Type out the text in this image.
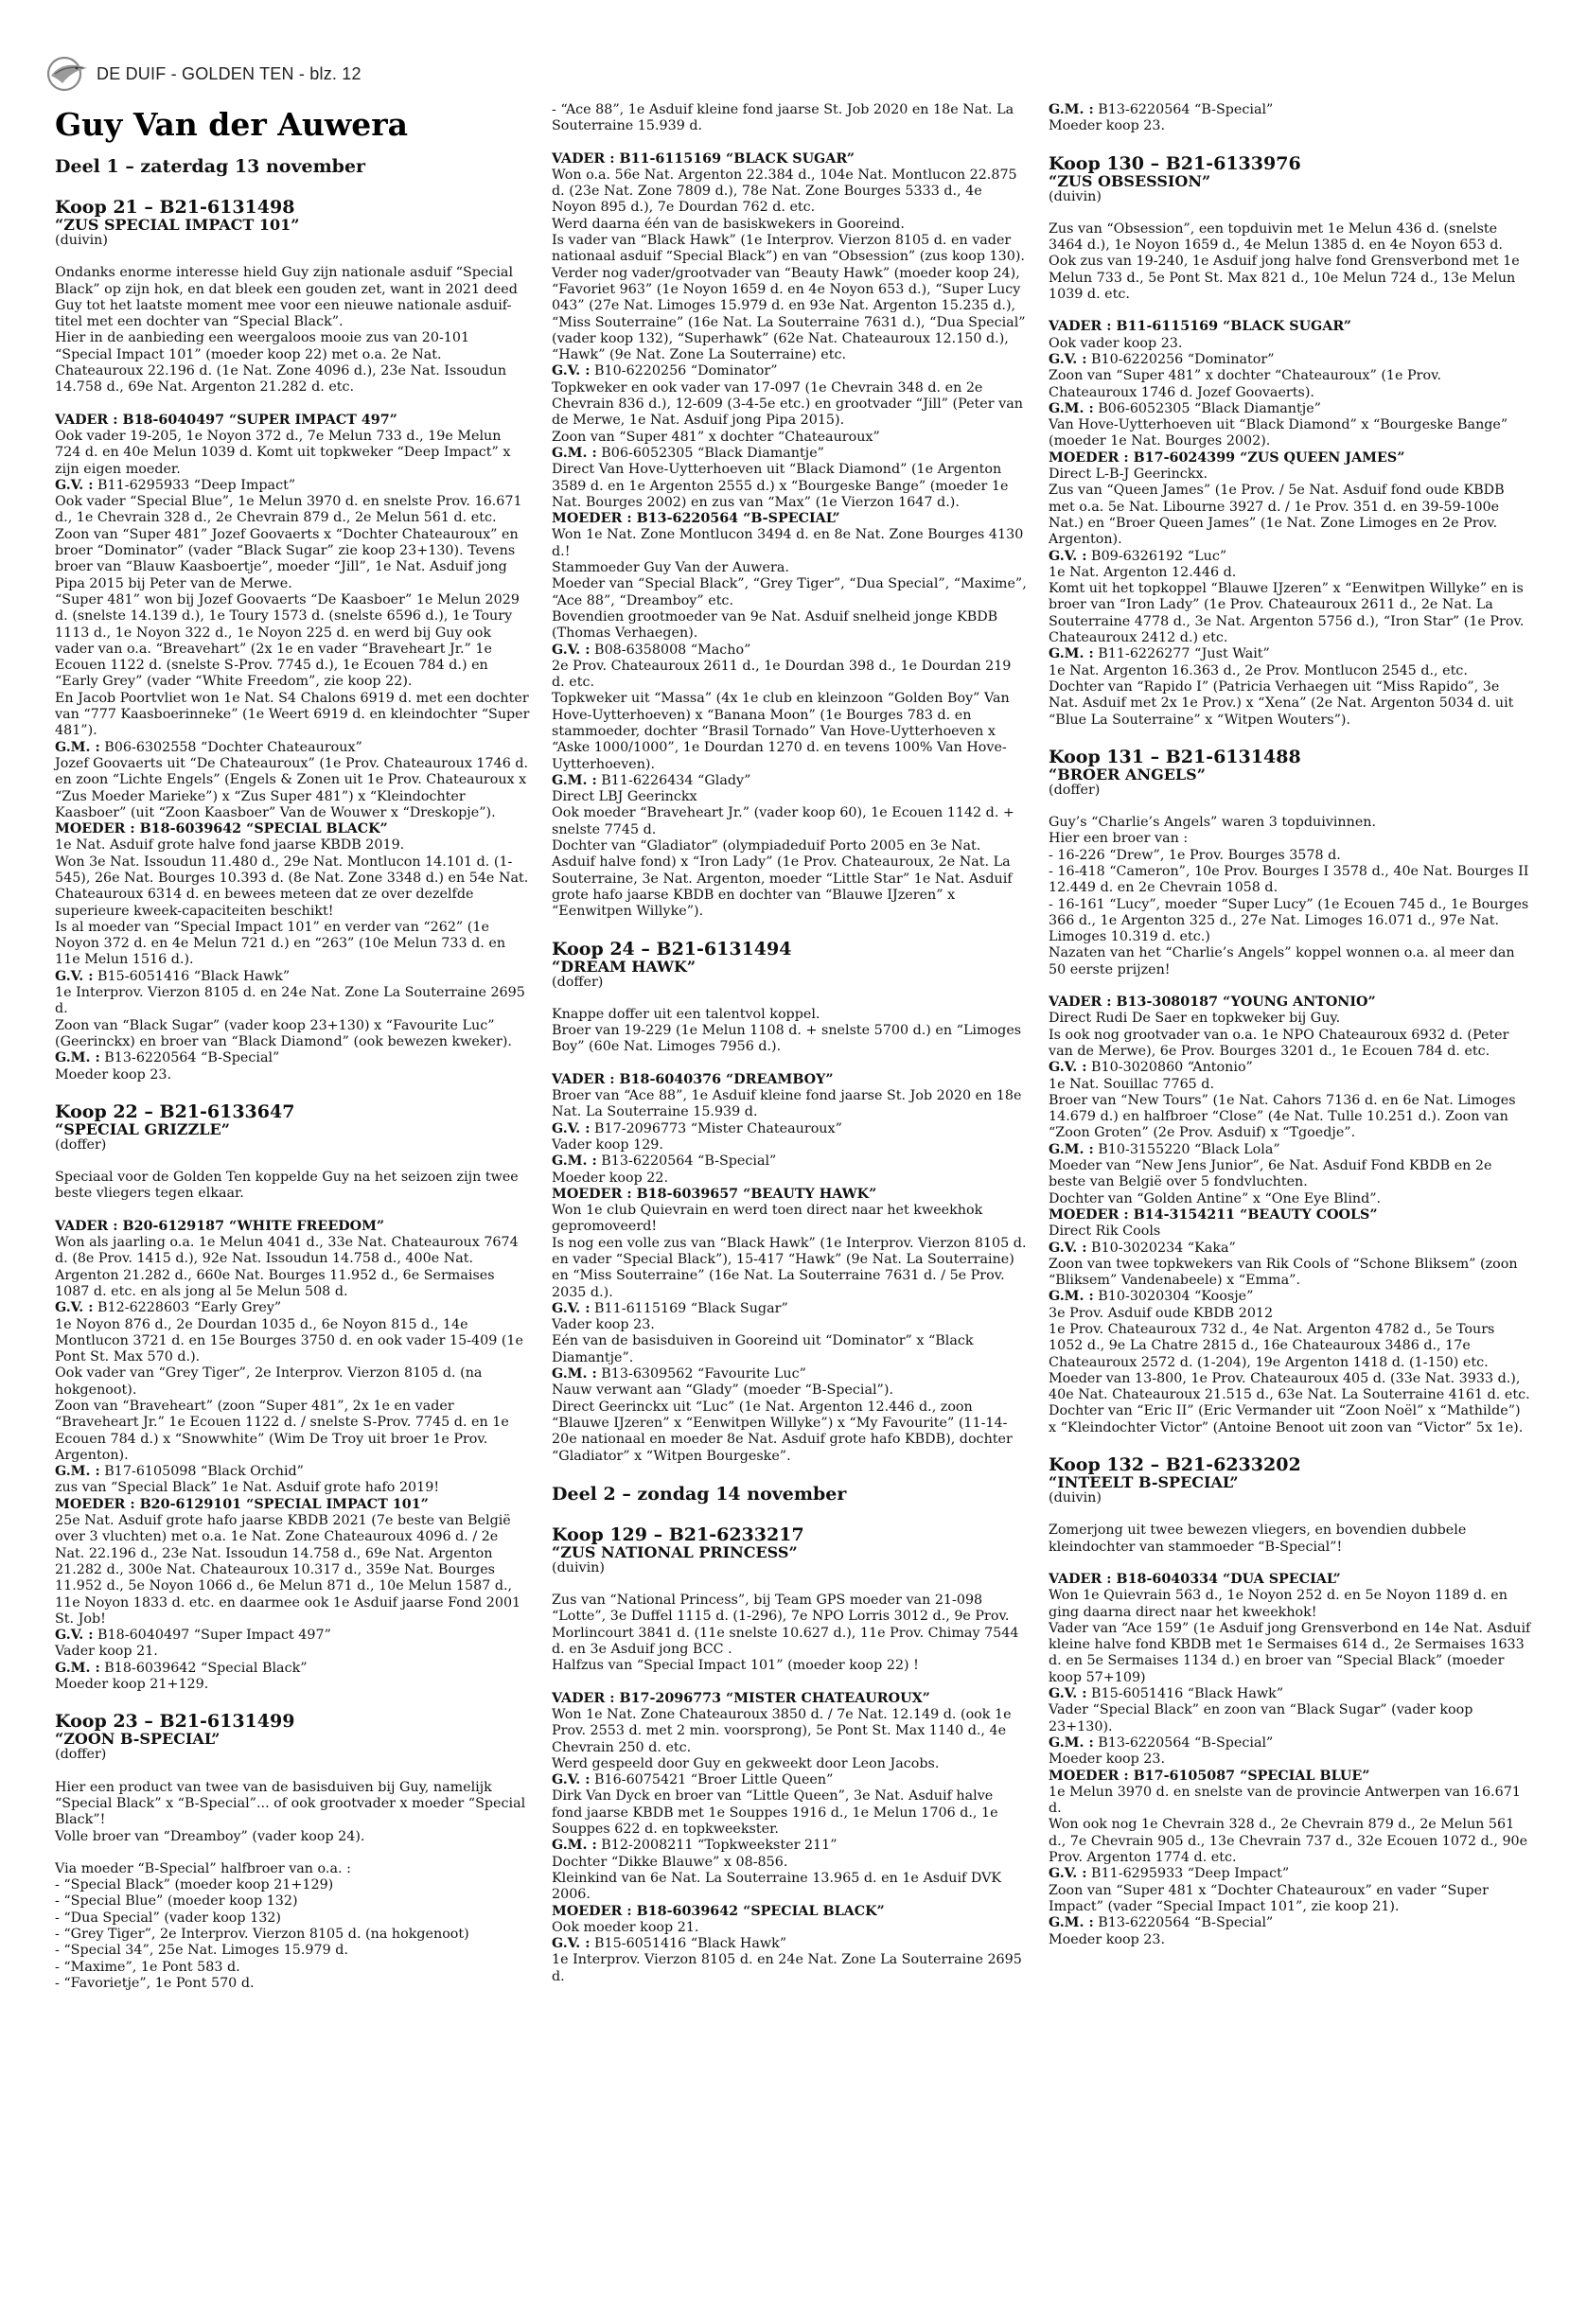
DE DUIF - GOLDEN TEN - blz. 12
Guy Van der Auwera
Deel 1 – zaterdag 13 november
Koop 21 – B21-6131498
“ZUS SPECIAL IMPACT 101”
(duivin)

Ondanks enorme interesse hield Guy zijn nationale asduif “Special Black” op zijn hok, en dat bleek een gouden zet, want in 2021 deed Guy tot het laatste moment mee voor een nieuwe nationale asduif-titel met een dochter van “Special Black”.

Hier in de aanbieding een weergaloos mooie zus van 20-101 “Special Impact 101” (moeder koop 22) met o.a. 2e Nat. Chateauroux 22.196 d. (1e Nat. Zone 4096 d.), 23e Nat. Issoudun 14.758 d., 69e Nat. Argenton 21.282 d. etc.

VADER : B18-6040497 “SUPER IMPACT 497”

Ook vader 19-205, 1e Noyon 372 d., 7e Melun 733 d., 19e Melun 724 d. en 40e Melun 1039 d. Komt uit topkweker “Deep Impact” x zijn eigen moeder.

G.V. : B11-6295933 “Deep Impact”

Ook vader “Special Blue”, 1e Melun 3970 d. en snelste Prov. 16.671 d., 1e Chevrain 328 d., 2e Chevrain 879 d., 2e Melun 561 d. etc.

Zoon van “Super 481” Jozef Goovaerts x “Dochter Chateauroux” en broer “Dominator” (vader “Black Sugar” zie koop 23+130). Tevens broer van “Blauw Kaasboertje”, moeder “Jill”, 1e Nat. Asduif jong Pipa 2015 bij Peter van de Merwe.

“Super 481” won bij Jozef Goovaerts “De Kaasboer” 1e Melun 2029 d. (snelste 14.139 d.), 1e Toury 1573 d. (snelste 6596 d.), 1e Toury 1113 d., 1e Noyon 322 d., 1e Noyon 225 d. en werd bij Guy ook vader van o.a. “Breavehart” (2x 1e en vader “Braveheart Jr.” 1e Ecouen 1122 d. (snelste S-Prov. 7745 d.), 1e Ecouen 784 d.) en “Early Grey” (vader “White Freedom”, zie koop 22).

En Jacob Poortvliet won 1e Nat. S4 Chalons 6919 d. met een dochter van “777 Kaasboerinneke” (1e Weert 6919 d. en kleindochter “Super 481”).

G.M. : B06-6302558 “Dochter Chateauroux”

Jozef Goovaerts uit “De Chateauroux” (1e Prov. Chateauroux 1746 d. en zoon “Lichte Engels” (Engels & Zonen uit 1e Prov. Chateauroux x “Zus Moeder Marieke”) x “Zus Super 481”) x “Kleindochter Kaasboer” (uit “Zoon Kaasboer” Van de Wouwer x “Dreskopje”).

MOEDER : B18-6039642 “SPECIAL BLACK”

1e Nat. Asduif grote halve fond jaarse KBDB 2019.

Won 3e Nat. Issoudun 11.480 d., 29e Nat. Montlucon 14.101 d. (1-545), 26e Nat. Bourges 10.393 d. (8e Nat. Zone 3348 d.) en 54e Nat. Chateauroux 6314 d. en bewees meteen dat ze over dezelfde superieure kweek-capaciteiten beschikt!

Is al moeder van “Special Impact 101” en verder van “262” (1e Noyon 372 d. en 4e Melun 721 d.) en “263” (10e Melun 733 d. en 11e Melun 1516 d.).

G.V. : B15-6051416 “Black Hawk”

1e Interprov. Vierzon 8105 d. en 24e Nat. Zone La Souterraine 2695 d.

Zoon van “Black Sugar” (vader koop 23+130) x “Favourite Luc” (Geerinckx) en broer van “Black Diamond” (ook bewezen kweker).

G.M. : B13-6220564 “B-Special”

Moeder koop 23.

Koop 22 – B21-6133647
“SPECIAL GRIZZLE”
(doffer)

Speciaal voor de Golden Ten koppelde Guy na het seizoen zijn twee beste vliegers tegen elkaar.

VADER : B20-6129187 “WHITE FREEDOM”

Won als jaarling o.a. 1e Melun 4041 d., 33e Nat. Chateauroux 7674 d. (8e Prov. 1415 d.), 92e Nat. Issoudun 14.758 d., 400e Nat. Argenton 21.282 d., 660e Nat. Bourges 11.952 d., 6e Sermaises 1087 d. etc. en als jong al 5e Melun 508 d.

G.V. : B12-6228603 “Early Grey”

1e Noyon 876 d., 2e Dourdan 1035 d., 6e Noyon 815 d., 14e Montlucon 3721 d. en 15e Bourges 3750 d. en ook vader 15-409 (1e Pont St. Max 570 d.).

Ook vader van “Grey Tiger”, 2e Interprov. Vierzon 8105 d. (na hokgenoot).

Zoon van “Braveheart” (zoon “Super 481”, 2x 1e en vader “Braveheart Jr.” 1e Ecouen 1122 d. / snelste S-Prov. 7745 d. en 1e Ecouen 784 d.) x “Snowwhite” (Wim De Troy uit broer 1e Prov. Argenton).

G.M. : B17-6105098 “Black Orchid”

zus van “Special Black” 1e Nat. Asduif grote hafo 2019!

MOEDER : B20-6129101 “SPECIAL IMPACT 101”

25e Nat. Asduif grote hafo jaarse KBDB 2021 (7e beste van België over 3 vluchten) met o.a. 1e Nat. Zone Chateauroux 4096 d. / 2e Nat. 22.196 d., 23e Nat. Issoudun 14.758 d., 69e Nat. Argenton 21.282 d., 300e Nat. Chateauroux 10.317 d., 359e Nat. Bourges 11.952 d., 5e Noyon 1066 d., 6e Melun 871 d., 10e Melun 1587 d., 11e Noyon 1833 d. etc. en daarmee ook 1e Asduif jaarse Fond 2001 St. Job!

G.V. : B18-6040497 “Super Impact 497”

Vader koop 21.

G.M. : B18-6039642 “Special Black”

Moeder koop 21+129.

Koop 23 – B21-6131499
“ZOON B-SPECIAL”
(doffer)

Hier een product van twee van de basisduiven bij Guy, namelijk “Special Black” x “B-Special”... of ook grootvader x moeder “Special Black”!

Volle broer van “Dreamboy” (vader koop 24).

Via moeder “B-Special” halfbroer van o.a. :

- “Special Black” (moeder koop 21+129)

- “Special Blue” (moeder koop 132)

- “Dua Special” (vader koop 132)

- “Grey Tiger”, 2e Interprov. Vierzon 8105 d. (na hokgenoot)

- “Special 34”, 25e Nat. Limoges 15.979 d.

- “Maxime”, 1e Pont 583 d.

- “Favorietje”, 1e Pont 570 d.

- “Ace 88”, 1e Asduif kleine fond jaarse St. Job 2020 en 18e Nat. La Souterraine 15.939 d.

VADER : B11-6115169 “BLACK SUGAR”

Won o.a. 56e Nat. Argenton 22.384 d., 104e Nat. Montlucon 22.875 d. (23e Nat. Zone 7809 d.), 78e Nat. Zone Bourges 5333 d., 4e Noyon 895 d.), 7e Dourdan 762 d. etc.

Werd daarna één van de basiskwekers in Gooreind.

Is vader van “Black Hawk” (1e Interprov. Vierzon 8105 d. en vader nationaal asduif “Special Black”) en van “Obsession” (zus koop 130).

Verder nog vader/grootvader van “Beauty Hawk” (moeder koop 24), “Favoriet 963” (1e Noyon 1659 d. en 4e Noyon 653 d.), “Super Lucy 043” (27e Nat. Limoges 15.979 d. en 93e Nat. Argenton 15.235 d.), “Miss Souterraine” (16e Nat. La Souterraine 7631 d.), “Dua Special” (vader koop 132), “Superhawk” (62e Nat. Chateauroux 12.150 d.), “Hawk” (9e Nat. Zone La Souterraine) etc.

G.V. : B10-6220256 “Dominator”

Topkweker en ook vader van 17-097 (1e Chevrain 348 d. en 2e Chevrain 836 d.), 12-609 (3-4-5e etc.) en grootvader “Jill” (Peter van de Merwe, 1e Nat. Asduif jong Pipa 2015).

Zoon van “Super 481” x dochter “Chateauroux”

G.M. : B06-6052305 “Black Diamantje”

Direct Van Hove-Uytterhoeven uit “Black Diamond” (1e Argenton 3589 d. en 1e Argenton 2555 d.) x “Bourgeske Bange” (moeder 1e Nat. Bourges 2002) en zus van “Max” (1e Vierzon 1647 d.).

MOEDER : B13-6220564 “B-SPECIAL”

Won 1e Nat. Zone Montlucon 3494 d. en 8e Nat. Zone Bourges 4130 d.!

Stammoeder Guy Van der Auwera.

Moeder van “Special Black”, “Grey Tiger”, “Dua Special”, “Maxime”, “Ace 88”, “Dreamboy” etc.

Bovendien grootmoeder van 9e Nat. Asduif snelheid jonge KBDB (Thomas Verhaegen).

G.V. : B08-6358008 “Macho”

2e Prov. Chateauroux 2611 d., 1e Dourdan 398 d., 1e Dourdan 219 d. etc.

Topkweker uit “Massa” (4x 1e club en kleinzoon “Golden Boy” Van Hove-Uytterhoeven) x “Banana Moon” (1e Bourges 783 d. en stammoeder, dochter “Brasil Tornado” Van Hove-Uytterhoeven x “Aske 1000/1000”, 1e Dourdan 1270 d. en tevens 100% Van Hove-Uytterhoeven).

G.M. : B11-6226434 “Glady”

Direct LBJ Geerinckx

Ook moeder “Braveheart Jr.” (vader koop 60), 1e Ecouen 1142 d. + snelste 7745 d.

Dochter van “Gladiator” (olympiadeduif Porto 2005 en 3e Nat. Asduif halve fond) x “Iron Lady” (1e Prov. Chateauroux, 2e Nat. La Souterraine, 3e Nat. Argenton, moeder “Little Star” 1e Nat. Asduif grote hafo jaarse KBDB en dochter van “Blauwe IJzeren” x “Eenwitpen Willyke”).

Koop 24 – B21-6131494
“DREAM HAWK”
(doffer)

Knappe doffer uit een talentvol koppel.

Broer van 19-229 (1e Melun 1108 d. + snelste 5700 d.) en “Limoges Boy” (60e Nat. Limoges 7956 d.).

VADER : B18-6040376 “DREAMBOY”

Broer van “Ace 88”, 1e Asduif kleine fond jaarse St. Job 2020 en 18e Nat. La Souterraine 15.939 d.

G.V. : B17-2096773 “Mister Chateauroux”

Vader koop 129.

G.M. : B13-6220564 “B-Special”

Moeder koop 22.

MOEDER : B18-6039657 “BEAUTY HAWK”

Won 1e club Quievrain en werd toen direct naar het kweekhok gepromoveerd!

Is nog een volle zus van “Black Hawk” (1e Interprov. Vierzon 8105 d. en vader “Special Black”), 15-417 “Hawk” (9e Nat. La Souterraine) en “Miss Souterraine” (16e Nat. La Souterraine 7631 d. / 5e Prov. 2035 d.).

G.V. : B11-6115169 “Black Sugar”

Vader koop 23.

Eén van de basisduiven in Gooreind uit “Dominator” x “Black Diamantje”.

G.M. : B13-6309562 “Favourite Luc”

Nauw verwant aan “Glady” (moeder “B-Special”).

Direct Geerinckx uit “Luc” (1e Nat. Argenton 12.446 d., zoon “Blauwe IJzeren” x “Eenwitpen Willyke”) x “My Favourite” (11-14-20e nationaal en moeder 8e Nat. Asduif grote hafo KBDB), dochter “Gladiator” x “Witpen Bourgeske”.

Deel 2 – zondag 14 november
Koop 129 – B21-6233217
“ZUS NATIONAL PRINCESS”
(duivin)

Zus van “National Princess”, bij Team GPS moeder van 21-098 “Lotte”, 3e Duffel 1115 d. (1-296), 7e NPO Lorris 3012 d., 9e Prov. Morlincourt 3841 d. (11e snelste 10.627 d.), 11e Prov. Chimay 7544 d. en 3e Asduif jong BCC .

Halfzus van “Special Impact 101” (moeder koop 22) !

VADER : B17-2096773 “MISTER CHATEAUROUX”

Won 1e Nat. Zone Chateauroux 3850 d. / 7e Nat. 12.149 d. (ook 1e Prov. 2553 d. met 2 min. voorsprong), 5e Pont St. Max 1140 d., 4e Chevrain 250 d. etc.

Werd gespeeld door Guy en gekweekt door Leon Jacobs.

G.V. : B16-6075421 “Broer Little Queen”

Dirk Van Dyck en broer van “Little Queen”, 3e Nat. Asduif halve fond jaarse KBDB met 1e Souppes 1916 d., 1e Melun 1706 d., 1e Souppes 622 d. en topkweekster.

G.M. : B12-2008211 “Topkweekster 211”

Dochter “Dikke Blauwe” x 08-856.

Kleinkind van 6e Nat. La Souterraine 13.965 d. en 1e Asduif DVK 2006.

MOEDER : B18-6039642 “SPECIAL BLACK”

Ook moeder koop 21.

G.V. : B15-6051416 “Black Hawk”

1e Interprov. Vierzon 8105 d. en 24e Nat. Zone La Souterraine 2695 d.

G.M. : B13-6220564 “B-Special”

Moeder koop 23.

Koop 130 – B21-6133976
“ZUS OBSESSION”
(duivin)

Zus van “Obsession”, een topduivin met 1e Melun 436 d. (snelste 3464 d.), 1e Noyon 1659 d., 4e Melun 1385 d. en 4e Noyon 653 d. Ook zus van 19-240, 1e Asduif jong halve fond Grensverbond met 1e Melun 733 d., 5e Pont St. Max 821 d., 10e Melun 724 d., 13e Melun 1039 d. etc.

VADER : B11-6115169 “BLACK SUGAR”

Ook vader koop 23.

G.V. : B10-6220256 “Dominator”

Zoon van “Super 481” x dochter “Chateauroux” (1e Prov. Chateauroux 1746 d. Jozef Goovaerts).

G.M. : B06-6052305 “Black Diamantje”

Van Hove-Uytterhoeven uit “Black Diamond” x “Bourgeske Bange” (moeder 1e Nat. Bourges 2002).

MOEDER : B17-6024399 “ZUS QUEEN JAMES”

Direct L-B-J Geerinckx.

Zus van “Queen James” (1e Prov. / 5e Nat. Asduif fond oude KBDB met o.a. 5e Nat. Libourne 3927 d. / 1e Prov. 351 d. en 39-59-100e Nat.) en “Broer Queen James” (1e Nat. Zone Limoges en 2e Prov. Argenton).

G.V. : B09-6326192 “Luc”

1e Nat. Argenton 12.446 d.

Komt uit het topkoppel “Blauwe IJzeren” x “Eenwitpen Willyke” en is broer van “Iron Lady” (1e Prov. Chateauroux 2611 d., 2e Nat. La Souterraine 4778 d., 3e Nat. Argenton 5756 d.), “Iron Star” (1e Prov. Chateauroux 2412 d.) etc.

G.M. : B11-6226277 “Just Wait”

1e Nat. Argenton 16.363 d., 2e Prov. Montlucon 2545 d., etc.

Dochter van “Rapido I” (Patricia Verhaegen uit “Miss Rapido”, 3e Nat. Asduif met 2x 1e Prov.) x “Xena” (2e Nat. Argenton 5034 d. uit “Blue La Souterraine” x “Witpen Wouters”).

Koop 131 – B21-6131488
“BROER ANGELS”
(doffer)

Guy’s “Charlie’s Angels” waren 3 topduivinnen.

Hier een broer van :

- 16-226 “Drew”, 1e Prov. Bourges 3578 d.

- 16-418 “Cameron”, 10e Prov. Bourges I 3578 d., 40e Nat. Bourges II 12.449 d. en 2e Chevrain 1058 d.

- 16-161 “Lucy”, moeder “Super Lucy” (1e Ecouen 745 d., 1e Bourges 366 d., 1e Argenton 325 d., 27e Nat. Limoges 16.071 d., 97e Nat. Limoges 10.319 d. etc.)

Nazaten van het “Charlie’s Angels” koppel wonnen o.a. al meer dan 50 eerste prijzen!

VADER : B13-3080187 “YOUNG ANTONIO”

Direct Rudi De Saer en topkweker bij Guy.

Is ook nog grootvader van o.a. 1e NPO Chateauroux 6932 d. (Peter van de Merwe), 6e Prov. Bourges 3201 d., 1e Ecouen 784 d. etc.

G.V. : B10-3020860 “Antonio”

1e Nat. Souillac 7765 d.

Broer van “New Tours” (1e Nat. Cahors 7136 d. en 6e Nat. Limoges 14.679 d.) en halfbroer “Close” (4e Nat. Tulle 10.251 d.). Zoon van “Zoon Groten” (2e Prov. Asduif) x “Tgoedje”.

G.M. : B10-3155220 “Black Lola”

Moeder van “New Jens Junior”, 6e Nat. Asduif Fond KBDB en 2e beste van België over 5 fondvluchten.

Dochter van “Golden Antine” x “One Eye Blind”.

MOEDER : B14-3154211 “BEAUTY COOLS”

Direct Rik Cools

G.V. : B10-3020234 “Kaka”

Zoon van twee topkwekers van Rik Cools of “Schone Bliksem” (zoon “Bliksem” Vandenabeele) x “Emma”.

G.M. : B10-3020304 “Koosje”

3e Prov. Asduif oude KBDB 2012

1e Prov. Chateauroux 732 d., 4e Nat. Argenton 4782 d., 5e Tours 1052 d., 9e La Chatre 2815 d., 16e Chateauroux 3486 d., 17e Chateauroux 2572 d. (1-204), 19e Argenton 1418 d. (1-150) etc. Moeder van 13-800, 1e Prov. Chateauroux 405 d. (33e Nat. 3933 d.), 40e Nat. Chateauroux 21.515 d., 63e Nat. La Souterraine 4161 d. etc.

Dochter van “Eric II” (Eric Vermander uit “Zoon Noël” x “Mathilde”) x “Kleindochter Victor” (Antoine Benoot uit zoon van “Victor” 5x 1e).

Koop 132 – B21-6233202
“INTEELT B-SPECIAL”
(duivin)

Zomerjong uit twee bewezen vliegers, en bovendien dubbele kleindochter van stammoeder “B-Special”!

VADER : B18-6040334 “DUA SPECIAL”

Won 1e Quievrain 563 d., 1e Noyon 252 d. en 5e Noyon 1189 d. en ging daarna direct naar het kweekhok!

Vader van “Ace 159” (1e Asduif jong Grensverbond en 14e Nat. Asduif kleine halve fond KBDB met 1e Sermaises 614 d., 2e Sermaises 1633 d. en 5e Sermaises 1134 d.) en broer van “Special Black” (moeder koop 57+109)

G.V. : B15-6051416 “Black Hawk”

Vader “Special Black” en zoon van “Black Sugar” (vader koop 23+130).

G.M. : B13-6220564 “B-Special”

Moeder koop 23.

MOEDER : B17-6105087 “SPECIAL BLUE”

1e Melun 3970 d. en snelste van de provincie Antwerpen van 16.671 d.

Won ook nog 1e Chevrain 328 d., 2e Chevrain 879 d., 2e Melun 561 d., 7e Chevrain 905 d., 13e Chevrain 737 d., 32e Ecouen 1072 d., 90e Prov. Argenton 1774 d. etc.

G.V. : B11-6295933 “Deep Impact”

Zoon van “Super 481 x “Dochter Chateauroux” en vader “Super Impact” (vader “Special Impact 101”, zie koop 21).

G.M. : B13-6220564 “B-Special”

Moeder koop 23.
